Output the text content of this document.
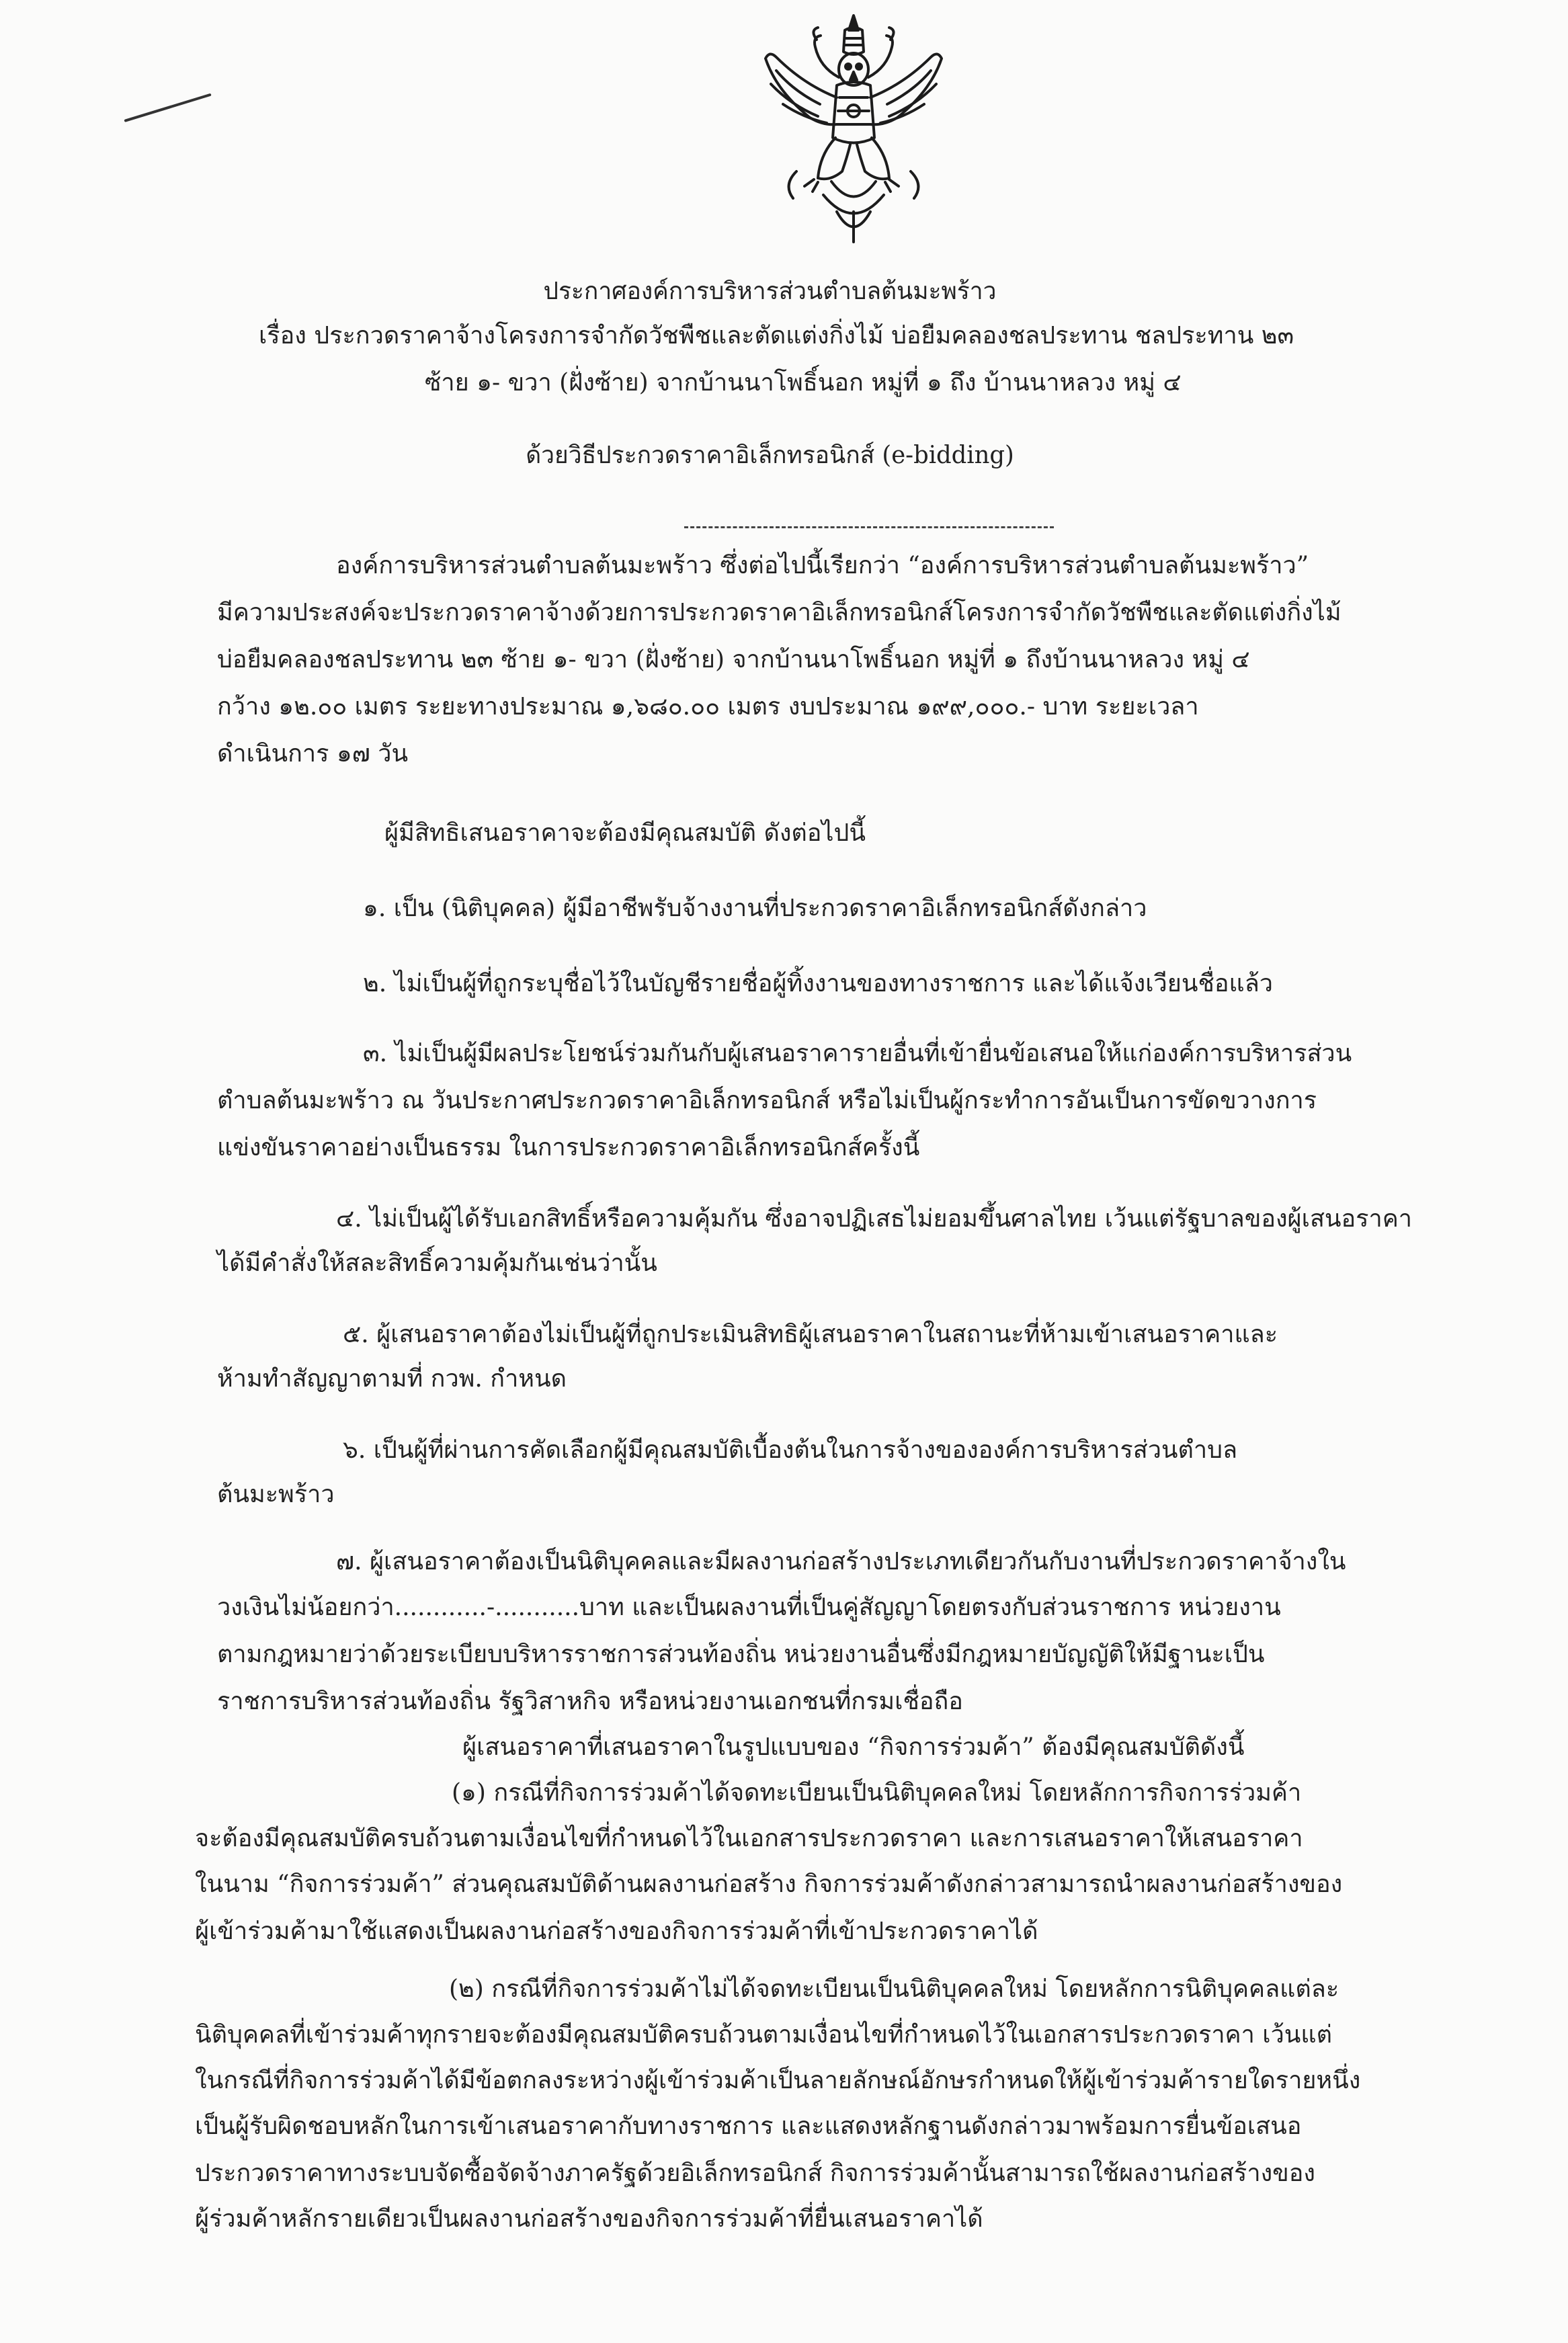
ประกาศองค์การบริหารส่วนตำบลต้นมะพร้าว
เรื่อง ประกวดราคาจ้างโครงการจำกัดวัชพืชและตัดแต่งกิ่งไม้ บ่อยืมคลองชลประทาน ชลประทาน ๒๓
ซ้าย ๑- ขวา (ฝั่งซ้าย) จากบ้านนาโพธิ์นอก หมู่ที่ ๑ ถึง บ้านนาหลวง หมู่ ๔
ด้วยวิธีประกวดราคาอิเล็กทรอนิกส์ (e-bidding)
องค์การบริหารส่วนตำบลต้นมะพร้าว ซึ่งต่อไปนี้เรียกว่า “องค์การบริหารส่วนตำบลต้นมะพร้าว”
มีความประสงค์จะประกวดราคาจ้างด้วยการประกวดราคาอิเล็กทรอนิกส์โครงการจำกัดวัชพืชและตัดแต่งกิ่งไม้
บ่อยืมคลองชลประทาน ๒๓ ซ้าย ๑- ขวา (ฝั่งซ้าย) จากบ้านนาโพธิ์นอก หมู่ที่ ๑ ถึงบ้านนาหลวง หมู่ ๔
กว้าง ๑๒.๐๐ เมตร ระยะทางประมาณ ๑,๖๘๐.๐๐ เมตร งบประมาณ ๑๙๙,๐๐๐.- บาท ระยะเวลา
ดำเนินการ ๑๗ วัน
ผู้มีสิทธิเสนอราคาจะต้องมีคุณสมบัติ ดังต่อไปนี้
๑. เป็น (นิติบุคคล) ผู้มีอาชีพรับจ้างงานที่ประกวดราคาอิเล็กทรอนิกส์ดังกล่าว
๒. ไม่เป็นผู้ที่ถูกระบุชื่อไว้ในบัญชีรายชื่อผู้ทิ้งงานของทางราชการ และได้แจ้งเวียนชื่อแล้ว
๓. ไม่เป็นผู้มีผลประโยชน์ร่วมกันกับผู้เสนอราคารายอื่นที่เข้ายื่นข้อเสนอให้แก่องค์การบริหารส่วน
ตำบลต้นมะพร้าว ณ วันประกาศประกวดราคาอิเล็กทรอนิกส์ หรือไม่เป็นผู้กระทำการอันเป็นการขัดขวางการ
แข่งขันราคาอย่างเป็นธรรม ในการประกวดราคาอิเล็กทรอนิกส์ครั้งนี้
๔. ไม่เป็นผู้ได้รับเอกสิทธิ์หรือความคุ้มกัน ซึ่งอาจปฏิเสธไม่ยอมขึ้นศาลไทย เว้นแต่รัฐบาลของผู้เสนอราคา
ได้มีคำสั่งให้สละสิทธิ์ความคุ้มกันเช่นว่านั้น
๕. ผู้เสนอราคาต้องไม่เป็นผู้ที่ถูกประเมินสิทธิผู้เสนอราคาในสถานะที่ห้ามเข้าเสนอราคาและ
ห้ามทำสัญญาตามที่ กวพ. กำหนด
๖. เป็นผู้ที่ผ่านการคัดเลือกผู้มีคุณสมบัติเบื้องต้นในการจ้างขององค์การบริหารส่วนตำบล
ต้นมะพร้าว
๗. ผู้เสนอราคาต้องเป็นนิติบุคคลและมีผลงานก่อสร้างประเภทเดียวกันกับงานที่ประกวดราคาจ้างใน
วงเงินไม่น้อยกว่า............-...........บาท และเป็นผลงานที่เป็นคู่สัญญาโดยตรงกับส่วนราชการ หน่วยงาน
ตามกฎหมายว่าด้วยระเบียบบริหารราชการส่วนท้องถิ่น หน่วยงานอื่นซึ่งมีกฎหมายบัญญัติให้มีฐานะเป็น
ราชการบริหารส่วนท้องถิ่น รัฐวิสาหกิจ หรือหน่วยงานเอกชนที่กรมเชื่อถือ
ผู้เสนอราคาที่เสนอราคาในรูปแบบของ “กิจการร่วมค้า” ต้องมีคุณสมบัติดังนี้
(๑) กรณีที่กิจการร่วมค้าได้จดทะเบียนเป็นนิติบุคคลใหม่ โดยหลักการกิจการร่วมค้า
จะต้องมีคุณสมบัติครบถ้วนตามเงื่อนไขที่กำหนดไว้ในเอกสารประกวดราคา และการเสนอราคาให้เสนอราคา
ในนาม “กิจการร่วมค้า” ส่วนคุณสมบัติด้านผลงานก่อสร้าง กิจการร่วมค้าดังกล่าวสามารถนำผลงานก่อสร้างของ
ผู้เข้าร่วมค้ามาใช้แสดงเป็นผลงานก่อสร้างของกิจการร่วมค้าที่เข้าประกวดราคาได้
(๒) กรณีที่กิจการร่วมค้าไม่ได้จดทะเบียนเป็นนิติบุคคลใหม่ โดยหลักการนิติบุคคลแต่ละ
นิติบุคคลที่เข้าร่วมค้าทุกรายจะต้องมีคุณสมบัติครบถ้วนตามเงื่อนไขที่กำหนดไว้ในเอกสารประกวดราคา เว้นแต่
ในกรณีที่กิจการร่วมค้าได้มีข้อตกลงระหว่างผู้เข้าร่วมค้าเป็นลายลักษณ์อักษรกำหนดให้ผู้เข้าร่วมค้ารายใดรายหนึ่ง
เป็นผู้รับผิดชอบหลักในการเข้าเสนอราคากับทางราชการ และแสดงหลักฐานดังกล่าวมาพร้อมการยื่นข้อเสนอ
ประกวดราคาทางระบบจัดซื้อจัดจ้างภาครัฐด้วยอิเล็กทรอนิกส์ กิจการร่วมค้านั้นสามารถใช้ผลงานก่อสร้างของ
ผู้ร่วมค้าหลักรายเดียวเป็นผลงานก่อสร้างของกิจการร่วมค้าที่ยื่นเสนอราคาได้
